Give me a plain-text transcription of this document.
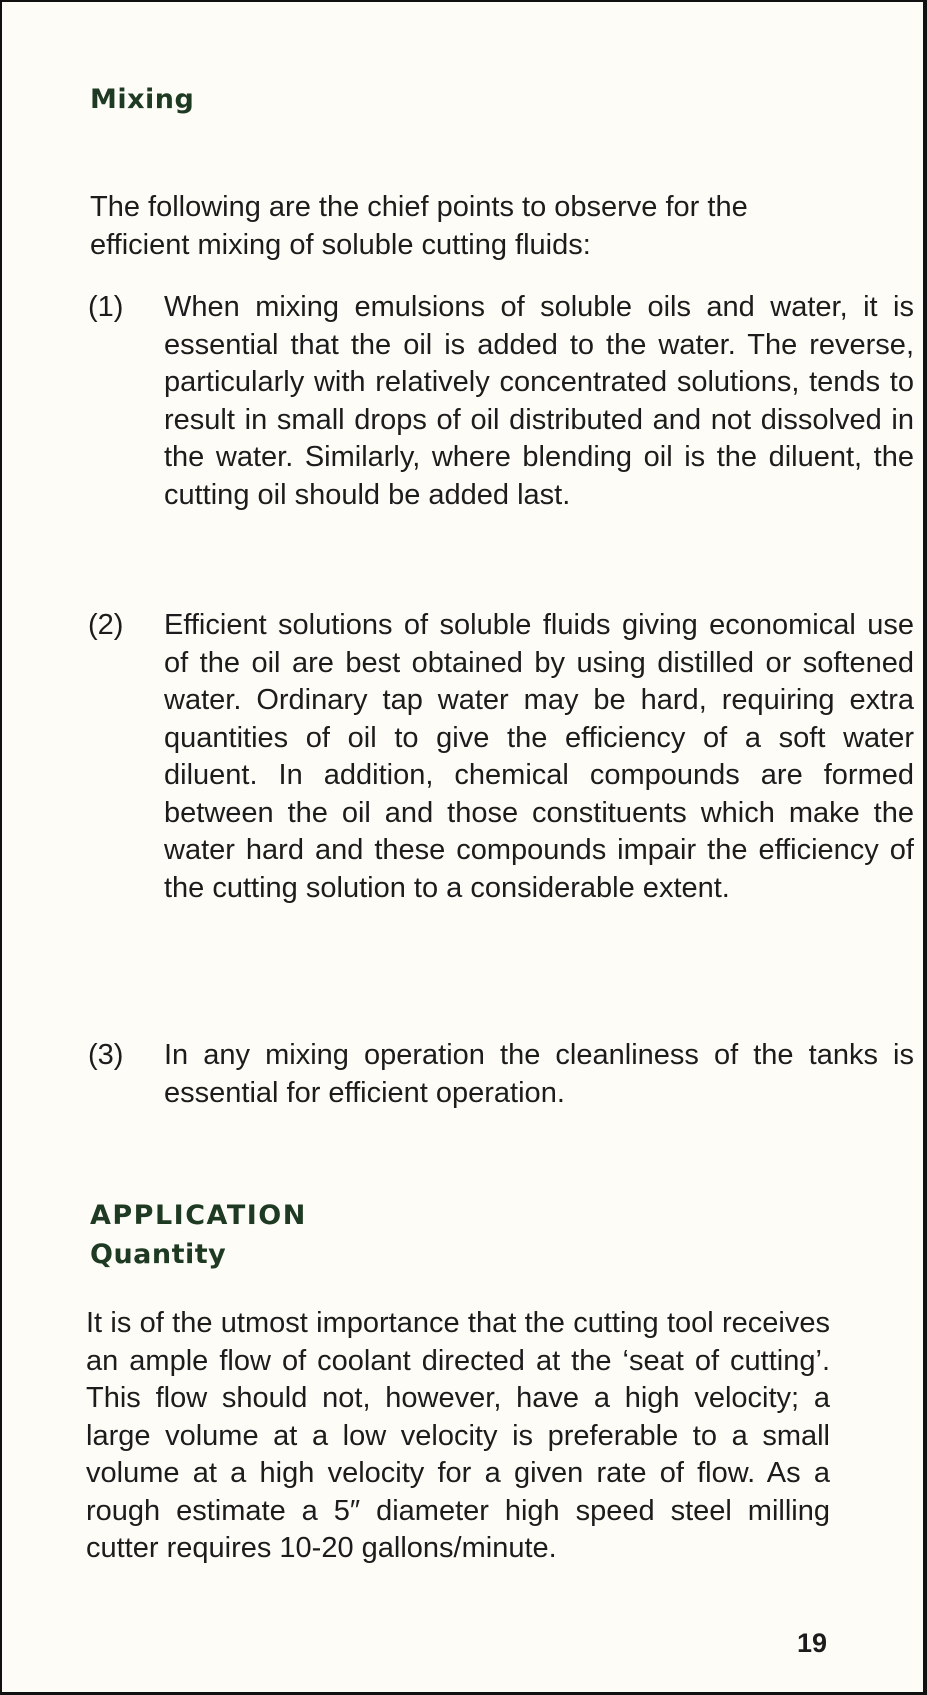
Mixing

The following are the chief points to observe for the efficient mixing of soluble cutting fluids:

(1) When mixing emulsions of soluble oils and water, it is essential that the oil is added to the water. The reverse, particularly with relatively concentrated solutions, tends to result in small drops of oil distributed and not dissolved in the water. Similarly, where blending oil is the diluent, the cutting oil should be added last.

(2) Efficient solutions of soluble fluids giving economical use of the oil are best obtained by using distilled or softened water. Ordinary tap water may be hard, requiring extra quantities of oil to give the efficiency of a soft water diluent. In addition, chemical compounds are formed between the oil and those constituents which make the water hard and these compounds impair the efficiency of the cutting solution to a considerable extent.

(3) In any mixing operation the cleanliness of the tanks is essential for efficient operation.

APPLICATION
Quantity

It is of the utmost importance that the cutting tool receives an ample flow of coolant directed at the ‘seat of cutting’. This flow should not, however, have a high velocity; a large volume at a low velocity is preferable to a small volume at a high velocity for a given rate of flow. As a rough estimate a 5″ diameter high speed steel milling cutter requires 10-20 gallons/minute.

19
